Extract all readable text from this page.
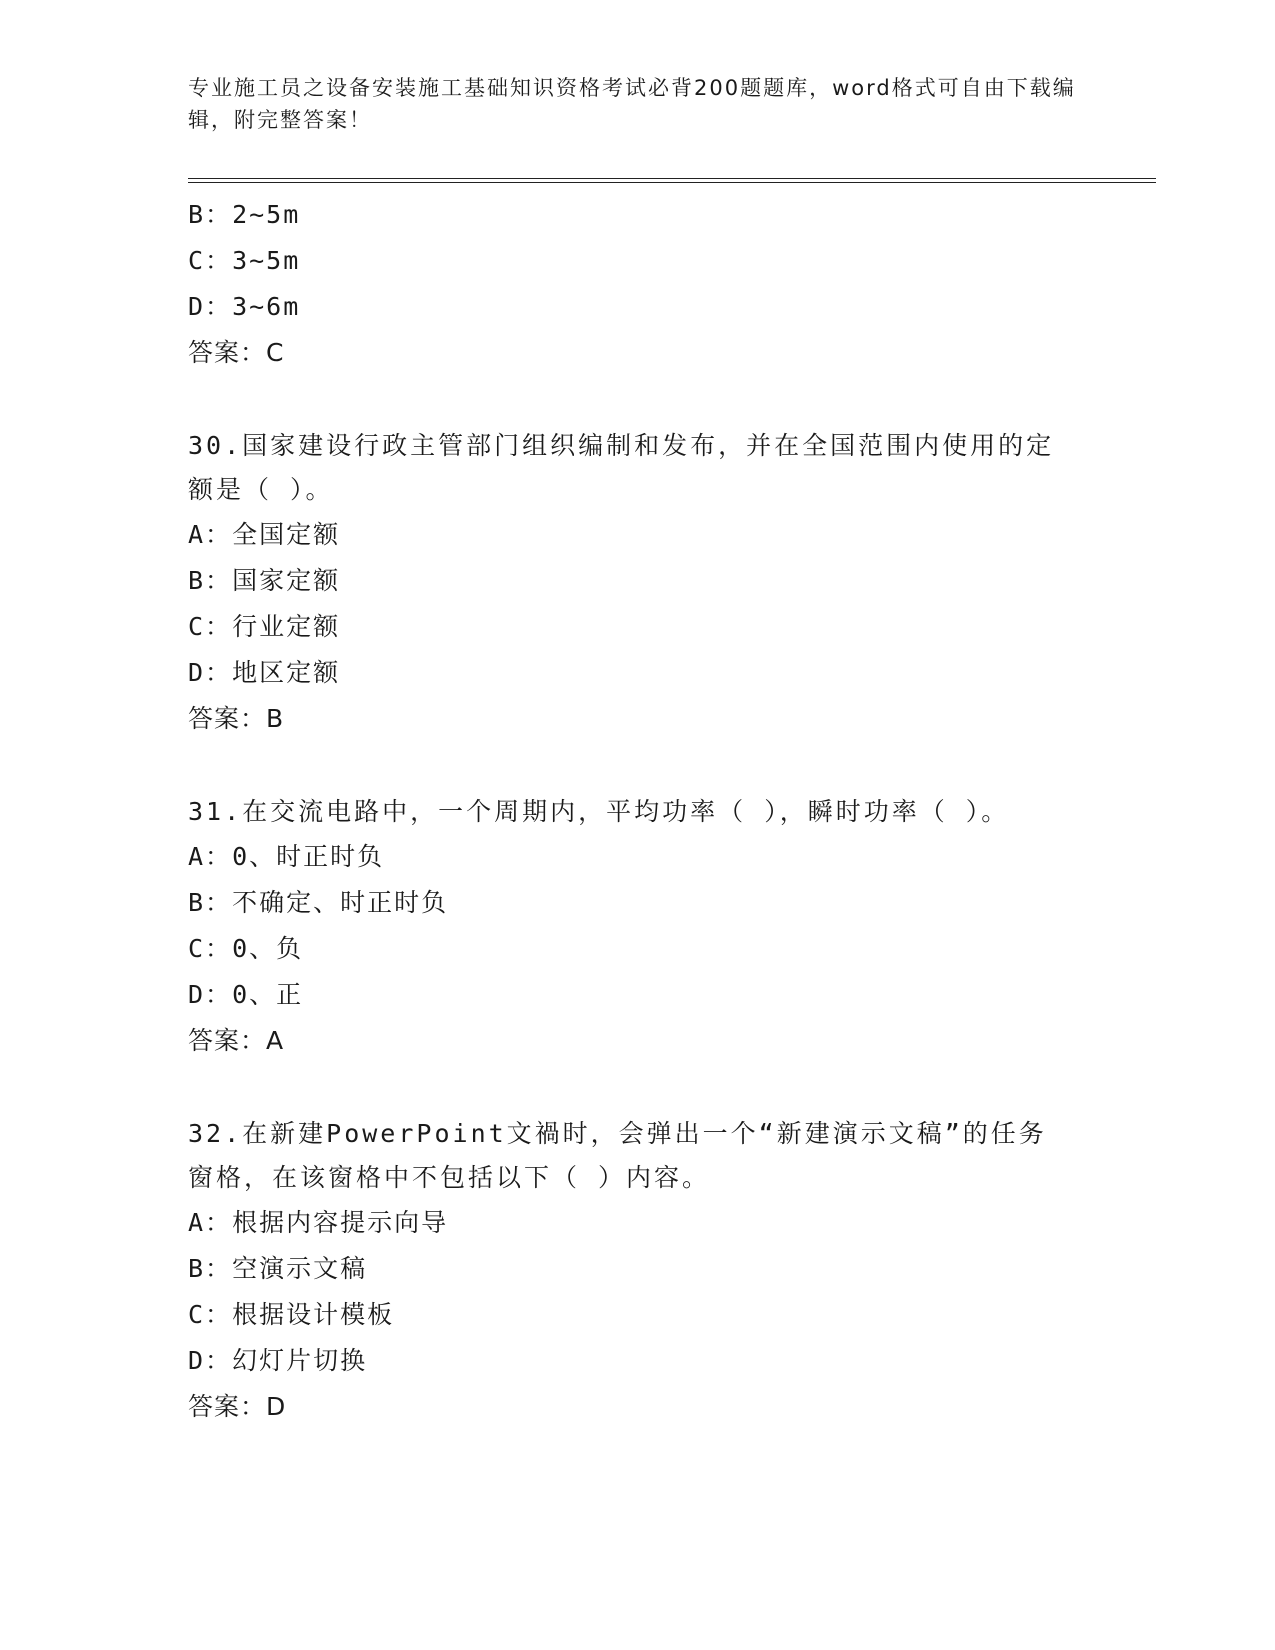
专业施工员之设备安装施工基础知识资格考试必背200题题库，word格式可自由下载编辑，附完整答案！
B：2~5m
C：3~5m
D：3~6m
答案：C
30.国家建设行政主管部门组织编制和发布，并在全国范围内使用的定额是（ ）。
A：全国定额
B：国家定额
C：行业定额
D：地区定额
答案：B
31.在交流电路中，一个周期内，平均功率（ ），瞬时功率（ ）。
A：0、时正时负
B：不确定、时正时负
C：0、负
D：0、正
答案：A
32.在新建PowerPoint文禍时，会弹出一个“新建演示文稿”的任务窗格，在该窗格中不包括以下（ ）内容。
A：根据内容提示向导
B：空演示文稿
C：根据设计模板
D：幻灯片切换
答案：D
